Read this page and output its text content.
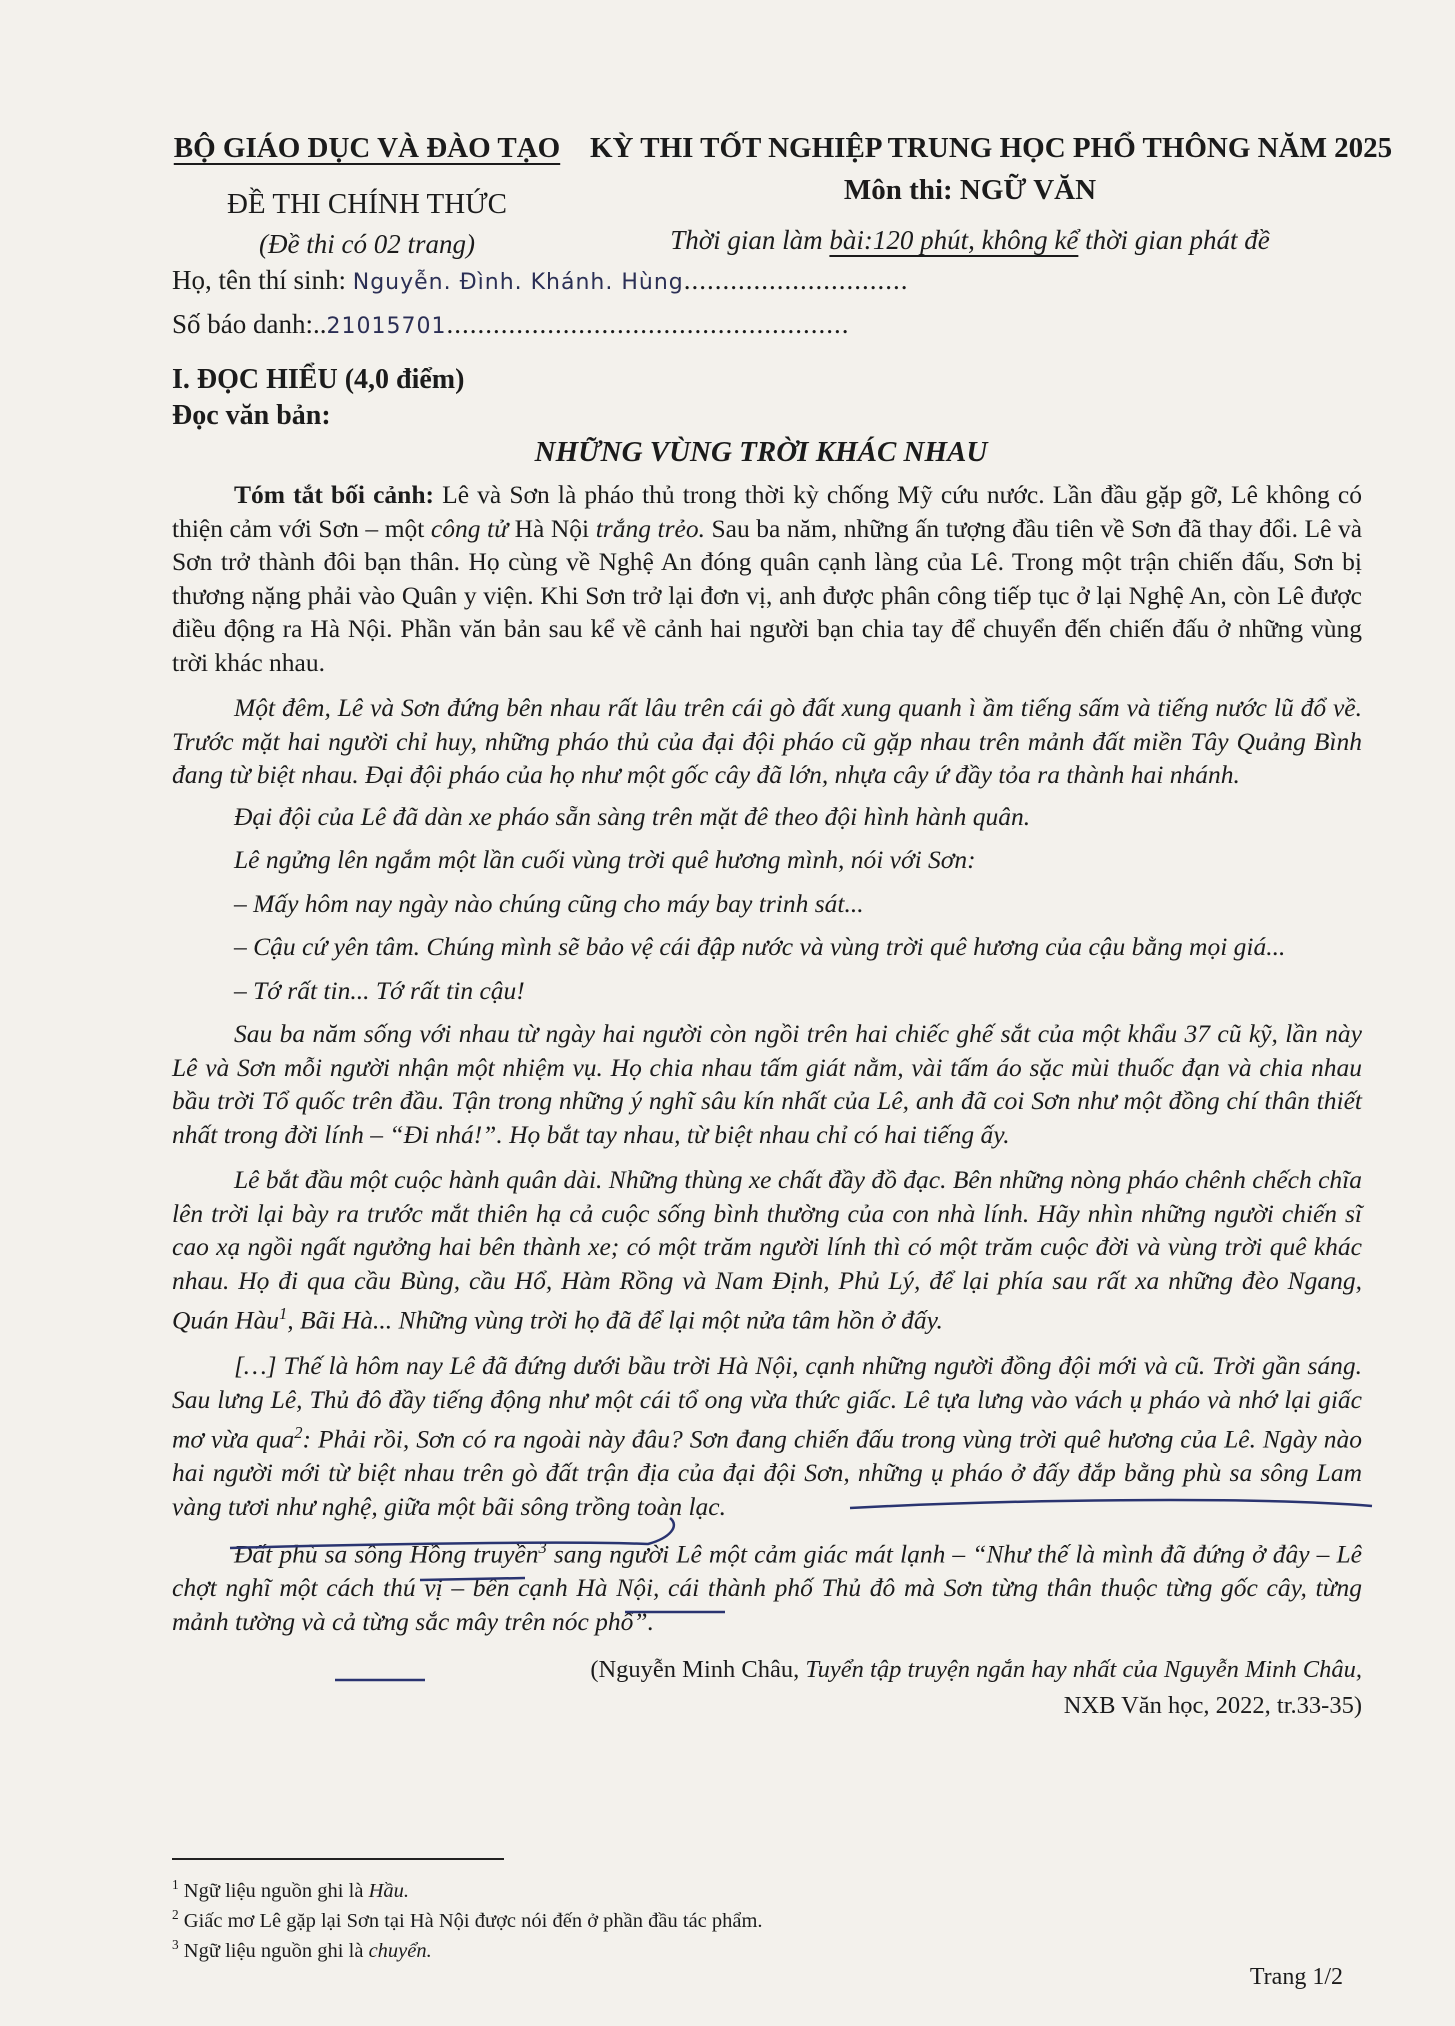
BỘ GIÁO DỤC VÀ ĐÀO TẠO
ĐỀ THI CHÍNH THỨC
(Đề thi có 02 trang)
KỲ THI TỐT NGHIỆP TRUNG HỌC PHỔ THÔNG NĂM 2025
Môn thi: NGỮ VĂN
Thời gian làm bài:120 phút, không kể thời gian phát đề
Họ, tên thí sinh: Nguyễn. Đình. Khánh. Hùng.............................
Số báo danh:..21015701....................................................
I. ĐỌC HIỂU (4,0 điểm)
Đọc văn bản:
NHỮNG VÙNG TRỜI KHÁC NHAU

Tóm tắt bối cảnh: Lê và Sơn là pháo thủ trong thời kỳ chống Mỹ cứu nước. Lần đầu gặp gỡ, Lê không có thiện cảm với Sơn – một công tử Hà Nội trắng trẻo. Sau ba năm, những ấn tượng đầu tiên về Sơn đã thay đổi. Lê và Sơn trở thành đôi bạn thân. Họ cùng về Nghệ An đóng quân cạnh làng của Lê. Trong một trận chiến đấu, Sơn bị thương nặng phải vào Quân y viện. Khi Sơn trở lại đơn vị, anh được phân công tiếp tục ở lại Nghệ An, còn Lê được điều động ra Hà Nội. Phần văn bản sau kể về cảnh hai người bạn chia tay để chuyển đến chiến đấu ở những vùng trời khác nhau.

Một đêm, Lê và Sơn đứng bên nhau rất lâu trên cái gò đất xung quanh ì ầm tiếng sấm và tiếng nước lũ đổ về. Trước mặt hai người chỉ huy, những pháo thủ của đại đội pháo cũ gặp nhau trên mảnh đất miền Tây Quảng Bình đang từ biệt nhau. Đại đội pháo của họ như một gốc cây đã lớn, nhựa cây ứ đầy tỏa ra thành hai nhánh.

Đại đội của Lê đã dàn xe pháo sẵn sàng trên mặt đê theo đội hình hành quân.

Lê ngửng lên ngắm một lần cuối vùng trời quê hương mình, nói với Sơn:

– Mấy hôm nay ngày nào chúng cũng cho máy bay trinh sát...

– Cậu cứ yên tâm. Chúng mình sẽ bảo vệ cái đập nước và vùng trời quê hương của cậu bằng mọi giá...

– Tớ rất tin... Tớ rất tin cậu!

Sau ba năm sống với nhau từ ngày hai người còn ngồi trên hai chiếc ghế sắt của một khẩu 37 cũ kỹ, lần này Lê và Sơn mỗi người nhận một nhiệm vụ. Họ chia nhau tấm giát nằm, vài tấm áo sặc mùi thuốc đạn và chia nhau bầu trời Tổ quốc trên đầu. Tận trong những ý nghĩ sâu kín nhất của Lê, anh đã coi Sơn như một đồng chí thân thiết nhất trong đời lính – “Đi nhá!”. Họ bắt tay nhau, từ biệt nhau chỉ có hai tiếng ấy.

Lê bắt đầu một cuộc hành quân dài. Những thùng xe chất đầy đồ đạc. Bên những nòng pháo chênh chếch chĩa lên trời lại bày ra trước mắt thiên hạ cả cuộc sống bình thường của con nhà lính. Hãy nhìn những người chiến sĩ cao xạ ngồi ngất ngưởng hai bên thành xe; có một trăm người lính thì có một trăm cuộc đời và vùng trời quê khác nhau. Họ đi qua cầu Bùng, cầu Hổ, Hàm Rồng và Nam Định, Phủ Lý, để lại phía sau rất xa những đèo Ngang, Quán Hàu$^1$, Bãi Hà... Những vùng trời họ đã để lại một nửa tâm hồn ở đấy.

[…] Thế là hôm nay Lê đã đứng dưới bầu trời Hà Nội, cạnh những người đồng đội mới và cũ. Trời gần sáng. Sau lưng Lê, Thủ đô đầy tiếng động như một cái tổ ong vừa thức giấc. Lê tựa lưng vào vách ụ pháo và nhớ lại giấc mơ vừa qua$^2$: Phải rồi, Sơn có ra ngoài này đâu? Sơn đang chiến đấu trong vùng trời quê hương của Lê. Ngày nào hai người mới từ biệt nhau trên gò đất trận địa của đại đội Sơn, những ụ pháo ở đấy đắp bằng phù sa sông Lam vàng tươi như nghệ, giữa một bãi sông trồng toàn lạc.

Đất phù sa sông Hồng truyền$^3$ sang người Lê một cảm giác mát lạnh – “Như thế là mình đã đứng ở đây – Lê chợt nghĩ một cách thú vị – bên cạnh Hà Nội, cái thành phố Thủ đô mà Sơn từng thân thuộc từng gốc cây, từng mảnh tường và cả từng sắc mây trên nóc phố”.

(Nguyễn Minh Châu, Tuyển tập truyện ngắn hay nhất của Nguyễn Minh Châu,
NXB Văn học, 2022, tr.33-35)
$^1$ Ngữ liệu nguồn ghi là Hầu.
$^2$ Giấc mơ Lê gặp lại Sơn tại Hà Nội được nói đến ở phần đầu tác phẩm.
$^3$ Ngữ liệu nguồn ghi là chuyển.
Trang 1/2
